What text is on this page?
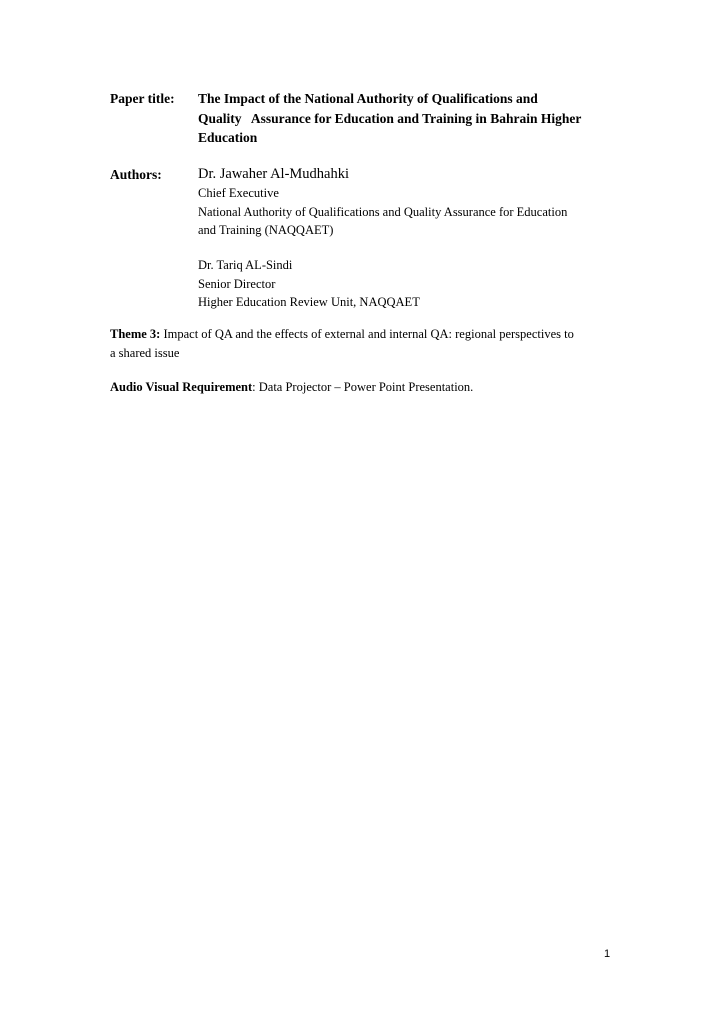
Paper title: The Impact of the National Authority of Qualifications and
Quality   Assurance for Education and Training in Bahrain Higher
Education
Authors: Dr. Jawaher Al-Mudhahki
Chief Executive
National Authority of Qualifications and Quality Assurance for Education
and Training (NAQQAET)
Dr. Tariq AL-Sindi
Senior Director
Higher Education Review Unit, NAQQAET
Theme 3: Impact of QA and the effects of external and internal QA: regional perspectives to
a shared issue
Audio Visual Requirement: Data Projector – Power Point Presentation.
1
